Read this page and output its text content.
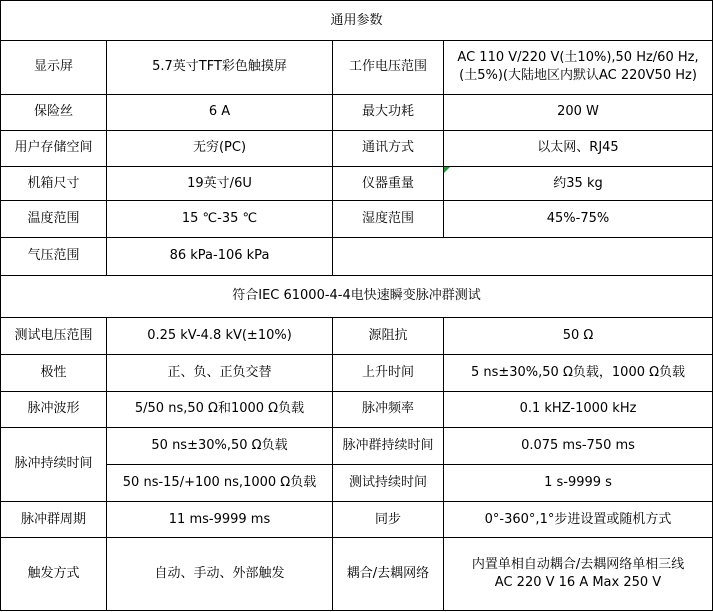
通用参数			
显示屏	5.7英寸TFT彩色触摸屏	工作电压范围	AC 110 V/220 V(土10%),50 Hz/60 Hz,
(土5%)(大陆地区内默认AC 220V50 Hz)

保险丝	6 A	最大功耗	200 W
用户存储空间	无穷(PC)	通讯方式	以太网、RJ45
机箱尺寸	19英寸/6U	仪器重量	约35 kg
温度范围	15 ℃-35 ℃	湿度范围	45%-75%
气压范围	86 kPa-106 kPa		
符合IEC 61000-4-4电快速瞬变脉冲群测试			
测试电压范围	0.25 kV-4.8 kV(±10%)	源阻抗	50 Ω
极性	正、负、正负交替	上升时间	5 ns±30%,50 Ω负载，1000 Ω负载
脉冲波形	5/50 ns,50 Ω和1000 Ω负载	脉冲频率	0.1 kHZ-1000 kHz
脉冲持续时间	50 ns±30%,50 Ω负载	脉冲群持续时间	0.075 ms-750 ms
	50 ns-15/+100 ns,1000 Ω负载	测试持续时间	1 s-9999 s
脉冲群周期	11 ms-9999 ms	同步	0°-360°,1°步进设置或随机方式
触发方式	自动、手动、外部触发	耦合/去耦网络	内置单相自动耦合/去耦网络单相三线
AC 220 V 16 A Max 250 V
